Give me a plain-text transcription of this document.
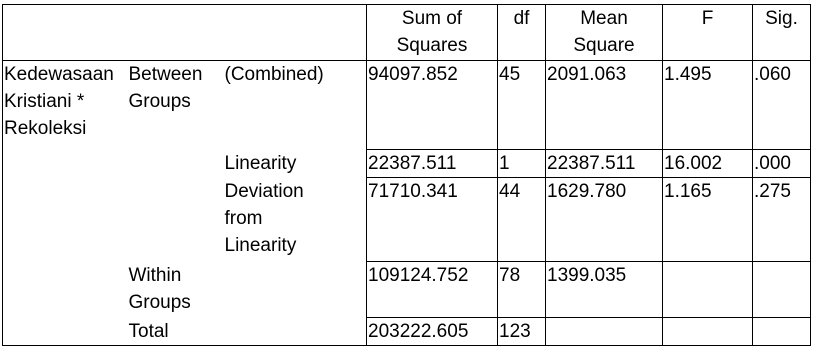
			Sum of Squares	df	Mean Square	F	Sig.
Kedewasaan Kristiani * Rekoleksi	Between Groups	(Combined)	94097.852	45	2091.063	1.495	.060
		Linearity	22387.511	1	22387.511	16.002	.000
		Deviation from Linearity	71710.341	44	1629.780	1.165	.275
	Within Groups		109124.752	78	1399.035		
	Total		203222.605	123			
